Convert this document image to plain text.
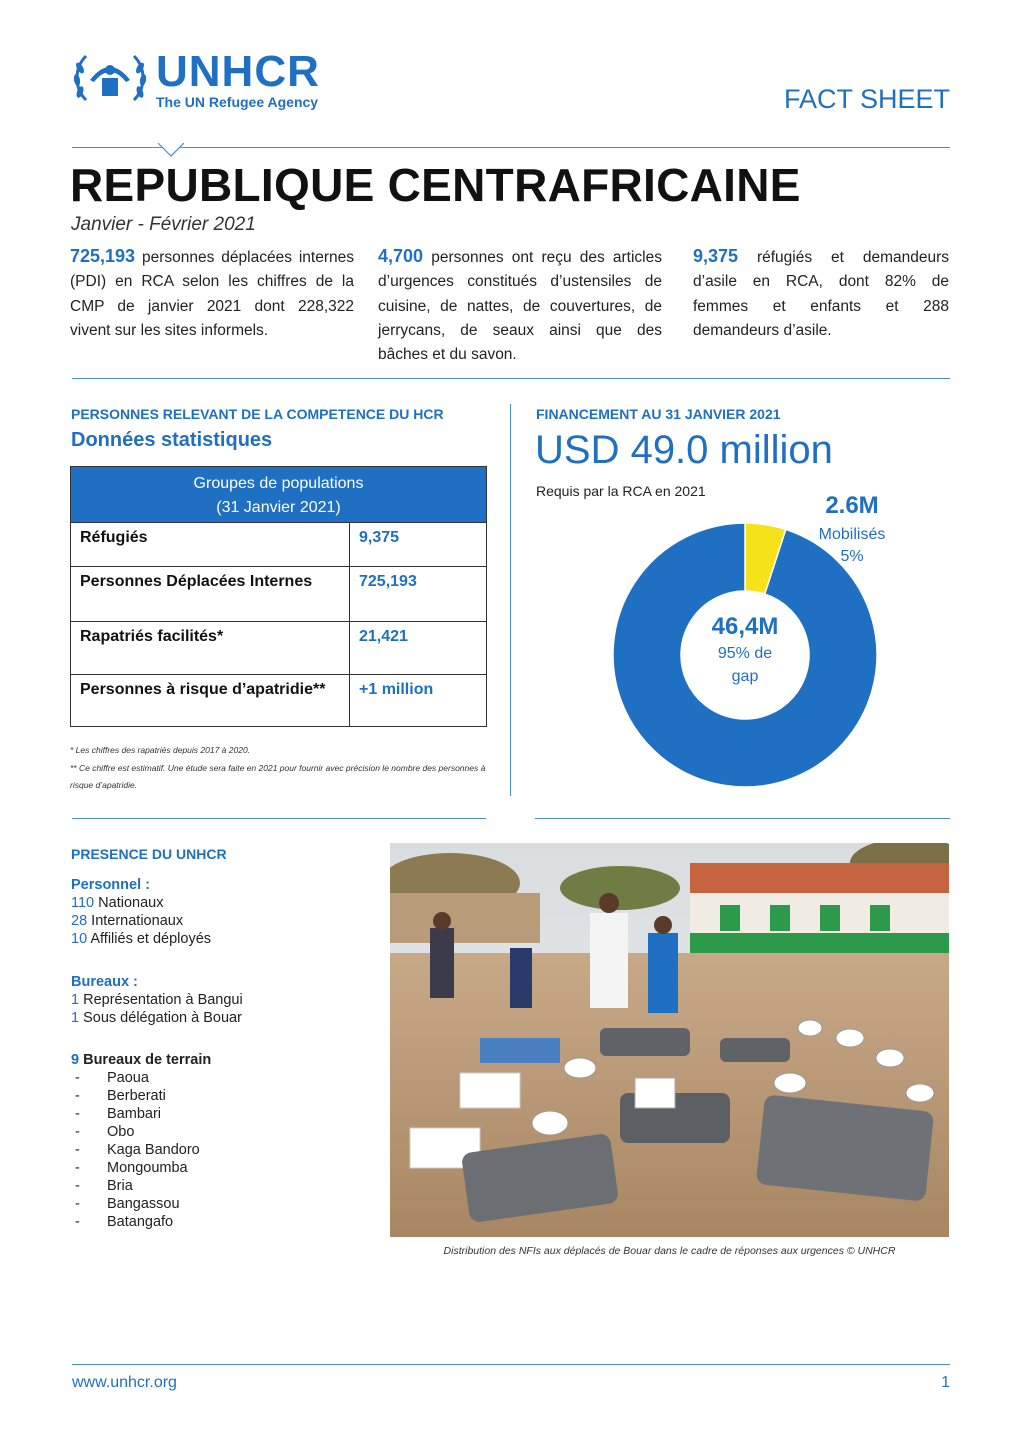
UNHCR
The UN Refugee Agency	FACT SHEET
REPUBLIQUE CENTRAFRICAINE
Janvier - Février 2021
725,193 personnes déplacées internes (PDI) en RCA selon les chiffres de la CMP de janvier 2021 dont 228,322 vivent sur les sites informels.
4,700 personnes ont reçu des articles d’urgences constitués d’ustensiles de cuisine, de nattes, de couvertures, de jerrycans, de seaux ainsi que des bâches et du savon.
9,375 réfugiés et demandeurs d’asile en RCA, dont 82% de femmes et enfants et 288 demandeurs d’asile.
PERSONNES RELEVANT DE LA COMPETENCE DU HCR
Données statistiques
Groupes de populations
(31 Janvier 2021)	

Réfugiés	9,375
Personnes Déplacées Internes	725,193
Rapatriés facilités*	21,421
Personnes à risque d’apatridie**	+1 million
* Les chiffres des rapatriés depuis 2017 à 2020.
** Ce chiffre est estimatif. Une étude sera faite en 2021 pour fournir avec précision le nombre des personnes à risque d’apatridie.
FINANCEMENT AU 31 JANVIER 2021
USD 49.0 million
Requis par la RCA en 2021
2.6M
Mobilisés
5%
46,4M
95% de
gap
PRESENCE DU UNHCR
Personnel :
110 Nationaux
28 Internationaux
10 Affiliés et déployés
Bureaux :
1 Représentation à Bangui
1 Sous délégation à Bouar
9 Bureaux de terrain
- Paoua
- Berberati
- Bambari
- Obo
- Kaga Bandoro
- Mongoumba
- Bria
- Bangassou
- Batangafo
Distribution des NFIs aux déplacés de Bouar dans le cadre de réponses aux urgences © UNHCR
www.unhcr.org	1
